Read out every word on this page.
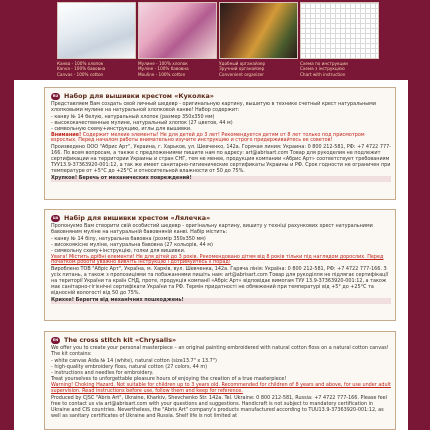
Канва - 100% хлопок
Kanva - 100% бавовна
Canvas - 100% cotton
Мулине - 100% хлопок
Мулiне - 100% бавовна
Mouline - 100% cotton
Удобный органайзер
Зручний органайзер
Convenient organizer
Схема по инструкции
Схема з інструкцією
Chart with instruction
RU Набор для вышивки крестом «Куколка»

Представляем Вам создать свой личный шедевр - оригинальную картину, вышитую в технике счетный крест натуральными хлопковыми мулине на натуральной хлопковой канве! Набор содержит:

- канву № 14 белую, натуральный хлопок (размер 350х350 мм)
- высококачественные мулине, натуральный хлопок (27 цветов, 44 м)
- символьную схему+инструкцию, иглы для вышивки.

Внимание! Содержит мелкие элементы! Не для детей до 3 лет! Рекомендуется детям от 8 лет только под присмотром взрослых. Перед началом работы внимательно изучите инструкцию и строго придерживайтесь ее советов!

Произведено ООО "Абрис Арт", Украина, г. Харьков, ул. Шевченко, 142а. Горячая линия: Украина: 0 800 212-581, РФ: +7 4722 777-166. По всем вопросам, а также с предложениями пишите нам по адресу: art@abrisart.com Товар для рукоделия не подлежит сертификации на территории Украины и стран СНГ, тем не менее, продукция компании «Абрис Арт» соответствует требованиям ТУУ13.9-37363920-001:12, а так же имеет санитарно-гигиенические сертификаты Украины и РФ. Срок годности не ограничен при температуре от +5°С до +25°С и относительной влажности от 50 до 75%.

Хрупкое! Беречь от механических повреждений!

UA Набір для вишивки хрестом «Лялечка»

Пропонуємо Вам створити свій особистий шедевр - оригінальну картину, вишиту у техніці рахункових хрест натуральними бавовняним мулiне на натуральній бавовняній канві. Набір містить:

- канву № 14 білу, натуральна бавовна (розмір 350х350 мм)
- високоякісне мулiне, натуральна бавовна (27 кольорів, 44 м)
- символьну схему+інструкцію, голки для вишивки.

Увага! Містить дрібні елементи! Не для дітей до 3 років. Рекомендовано дітям від 8 років тільки під наглядом дорослих. Перед початком роботи уважно вивчіть інструкцію і дотримуйтесь її порад!

Вироблено ТОВ "Абріс Арт", Україна, м. Харків, вул. Шевченка, 142а. Гаряча лінія: Україна: 0 800 212-581, РФ: +7 4722 777-166. З усіх питань, а також з пропозиціями та побажаннями пишіть нам: art@abrisart.com Товар для рукоділля не підлягає сертифікації на території України та країн СНД, проте, продукція компанії «Абріс Арт» відповідає вимогам ТУУ 13.9-37363920-001:12, а також має санітарно-гігієнічні сертифікати України та РФ. Термін придатності не обмежений при температурі від +5° до +25°С та відносній вологості від 50 до 75%.

Крихке! Берегти від механічних пошкоджень!

EN The cross stitch kit «Chrysalis»

We offer you to create your personal masterpiece – an original painting embroidered with natural cotton floss on a natural cotton canvas! The kit contains:

- white canvas Aida № 14 (white), natural cotton (size13.7" x 13.7")
- high-quality embroidery floss, natural cotton (27 colors, 44 m)
- instructions and needles for embroidery.

Treat yourselves to unforgettable pleasure hours of enjoying the creation of a true masterpiece!

Warning! Choking Hazard. Not suitable for children up to 3 years old. Recommended for children of 8 years and above, for use under adult supervision. Read instructions before use, follow them and keep for reference.

Produced by CJSC "Abris Art", Ukraine, Kharkiv, Shevchenko Str. 142a. Tel. Ukraine: 0 800 212-581, Russia: +7 4722 777-166. Please feel free to contact us via art@abrisart.com with your questions and suggestions. Handicraft is not subject to mandatory certification in Ukraine and CIS countries. Nevertheless, the "Abris Art" company's products manufactured according to TUU13.9-37363920-001:12, as well as sanitary certificates of Ukraine and Russia. Shelf life is not limited at
